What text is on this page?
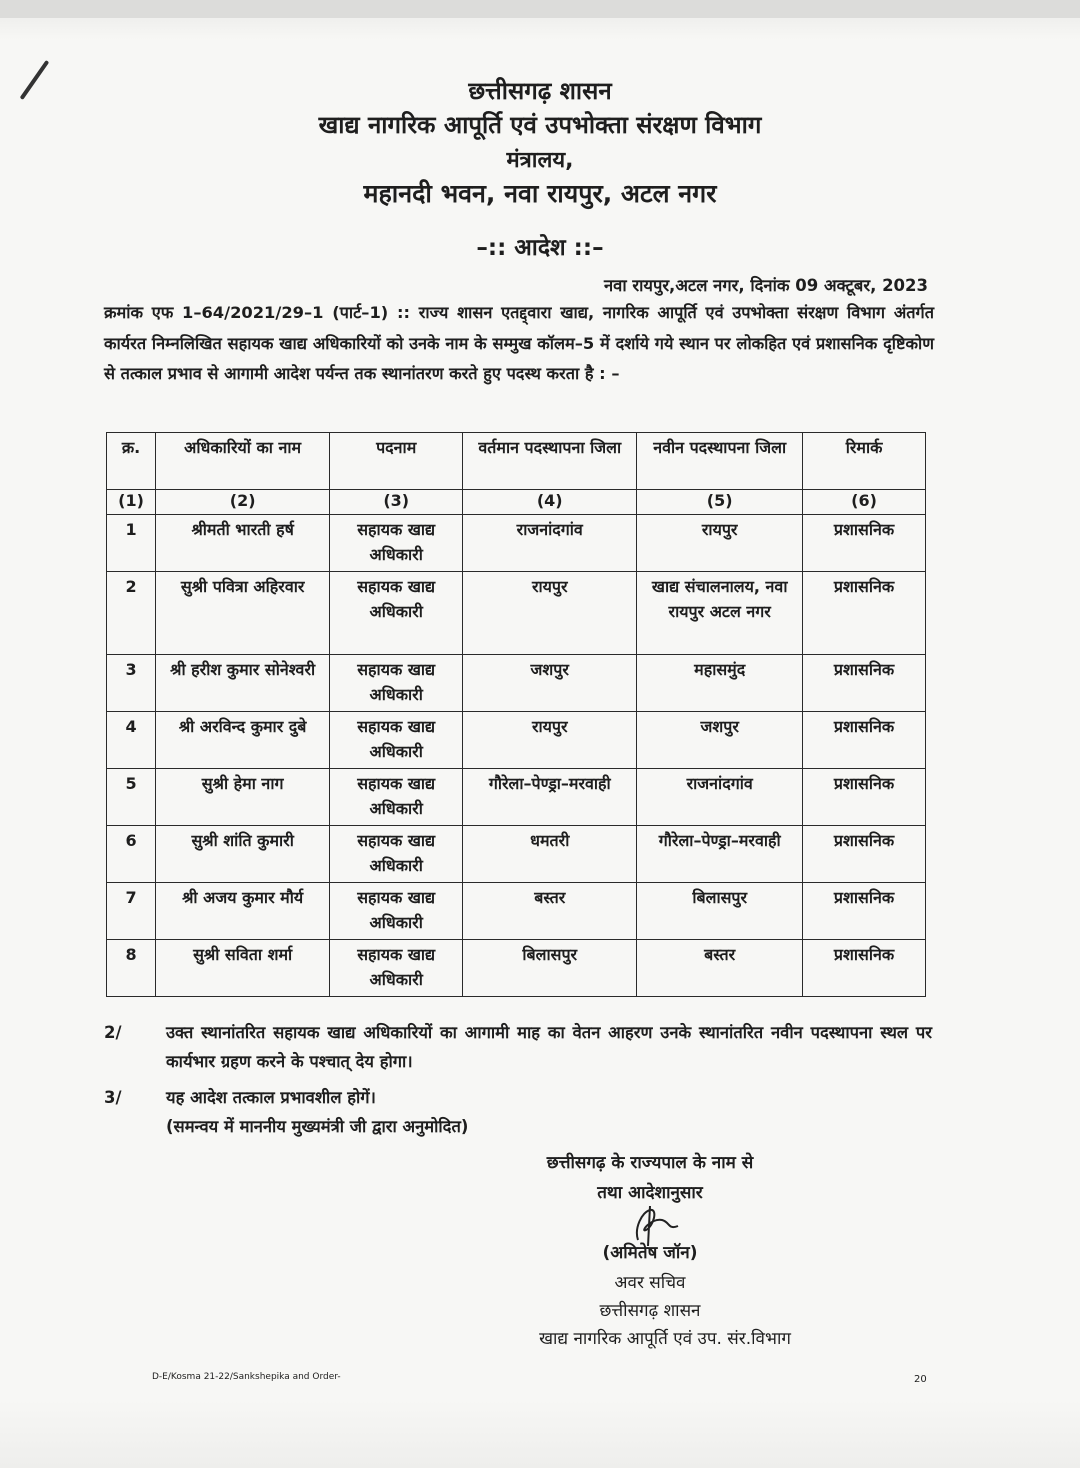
छत्तीसगढ़ शासन
खाद्य नागरिक आपूर्ति एवं उपभोक्ता संरक्षण विभाग
मंत्रालय,
महानदी भवन, नवा रायपुर, अटल नगर
–:: आदेश ::–
नवा रायपुर,अटल नगर, दिनांक 09 अक्टूबर, 2023
क्रमांक एफ 1–64/2021/29–1 (पार्ट–1) :: राज्य शासन एतद्द्वारा खाद्य, नागरिक आपूर्ति एवं उपभोक्ता संरक्षण विभाग अंतर्गत कार्यरत निम्नलिखित सहायक खाद्य अधिकारियों को उनके नाम के सम्मुख कॉलम–5 में दर्शाये गये स्थान पर लोकहित एवं प्रशासनिक दृष्टिकोण से तत्काल प्रभाव से आगामी आदेश पर्यन्त तक स्थानांतरण करते हुए पदस्थ करता है : –
क्र.	अधिकारियों का नाम	पदनाम	वर्तमान पदस्थापना जिला	नवीन पदस्थापना जिला	रिमार्क
(1)	(2)	(3)	(4)	(5)	(6)
1	श्रीमती भारती हर्ष	सहायक खाद्य अधिकारी	राजनांदगांव	रायपुर	प्रशासनिक
2	सुश्री पवित्रा अहिरवार	सहायक खाद्य अधिकारी	रायपुर	खाद्य संचालनालय, नवा रायपुर अटल नगर	प्रशासनिक
3	श्री हरीश कुमार सोनेश्वरी	सहायक खाद्य अधिकारी	जशपुर	महासमुंद	प्रशासनिक
4	श्री अरविन्द कुमार दुबे	सहायक खाद्य अधिकारी	रायपुर	जशपुर	प्रशासनिक
5	सुश्री हेमा नाग	सहायक खाद्य अधिकारी	गौरेला–पेण्ड्रा–मरवाही	राजनांदगांव	प्रशासनिक
6	सुश्री शांति कुमारी	सहायक खाद्य अधिकारी	धमतरी	गौरेला–पेण्ड्रा–मरवाही	प्रशासनिक
7	श्री अजय कुमार मौर्य	सहायक खाद्य अधिकारी	बस्तर	बिलासपुर	प्रशासनिक
8	सुश्री सविता शर्मा	सहायक खाद्य अधिकारी	बिलासपुर	बस्तर	प्रशासनिक
2/	उक्त स्थानांतरित सहायक खाद्य अधिकारियों का आगामी माह का वेतन आहरण उनके स्थानांतरित नवीन पदस्थापना स्थल पर कार्यभार ग्रहण करने के पश्चात् देय होगा।
3/	यह आदेश तत्काल प्रभावशील होगें।
(समन्वय में माननीय मुख्यमंत्री जी द्वारा अनुमोदित)
छत्तीसगढ़ के राज्यपाल के नाम से
तथा आदेशानुसार
(अमितेष जॉन)
अवर सचिव
छत्तीसगढ़ शासन
खाद्य नागरिक आपूर्ति एवं उप. संर.विभाग
D-E/Kosma 21-22/Sankshepika and Order-	20
